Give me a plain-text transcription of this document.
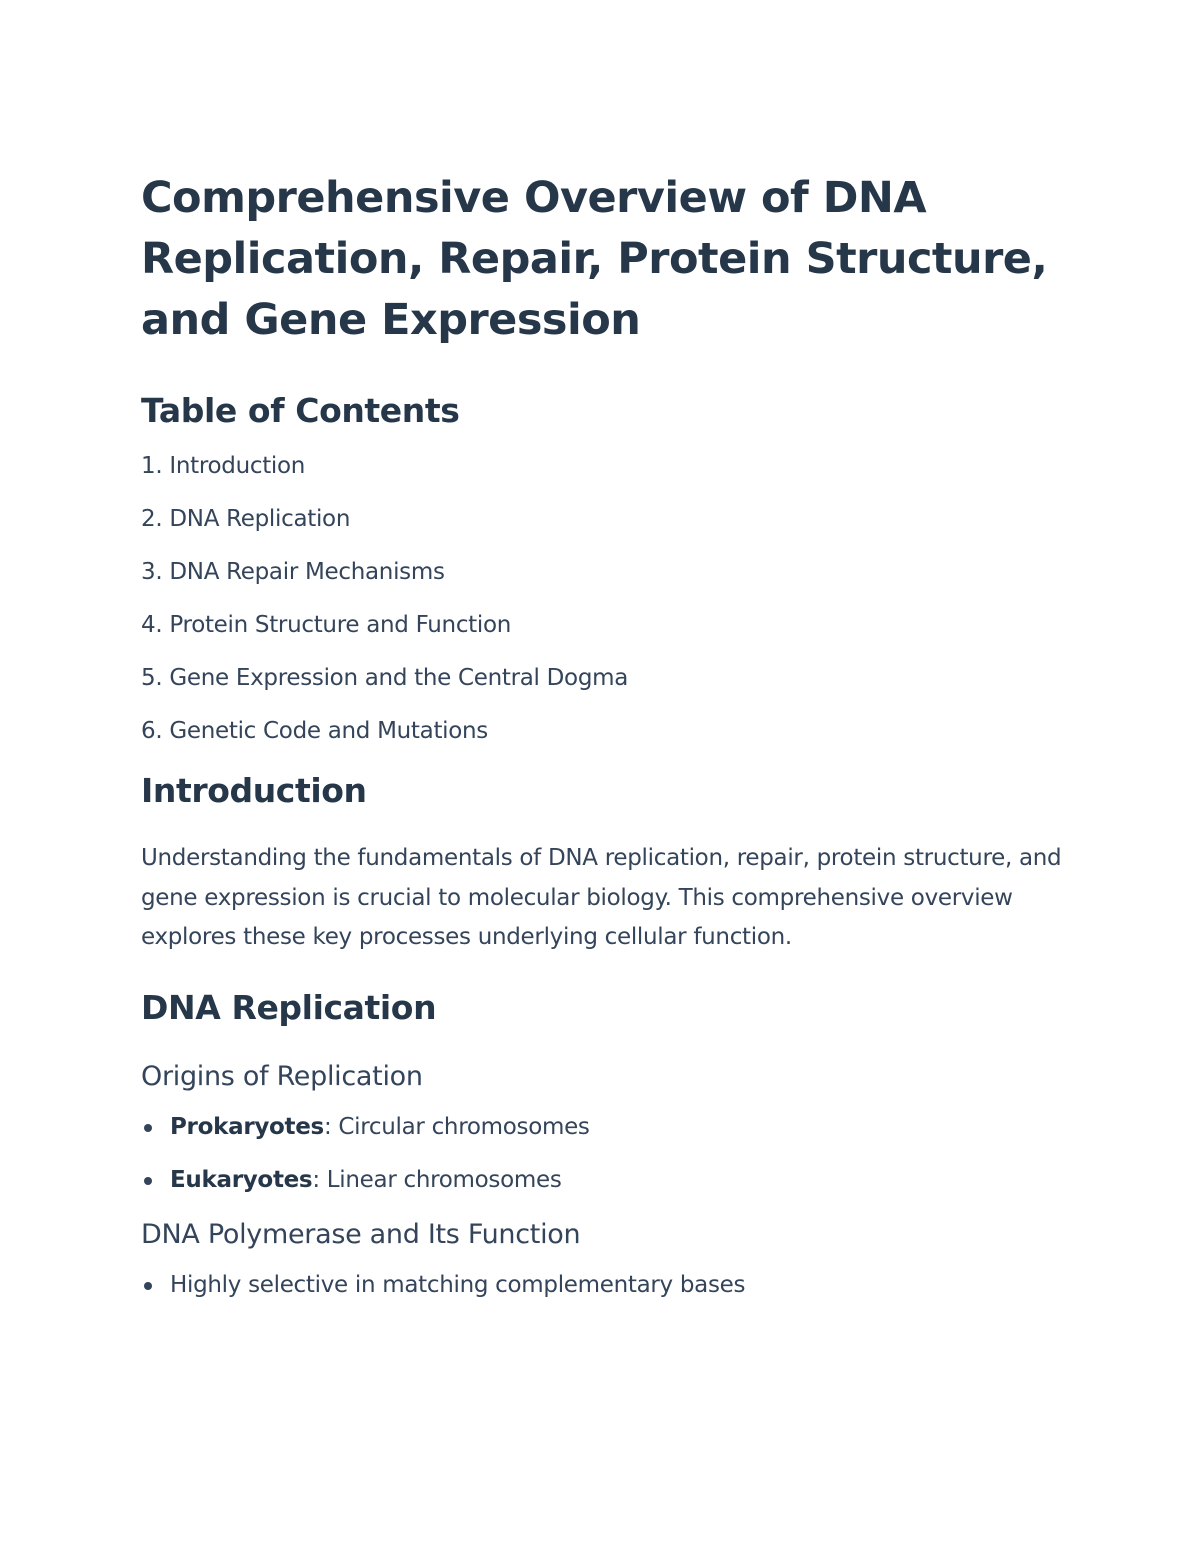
Comprehensive Overview of DNA Replication, Repair, Protein Structure, and Gene Expression
Table of Contents
1. Introduction
2. DNA Replication
3. DNA Repair Mechanisms
4. Protein Structure and Function
5. Gene Expression and the Central Dogma
6. Genetic Code and Mutations
Introduction

Understanding the fundamentals of DNA replication, repair, protein structure, and gene expression is crucial to molecular biology. This comprehensive overview explores these key processes underlying cellular function.

DNA Replication
Origins of Replication
Prokaryotes: Circular chromosomes
Eukaryotes: Linear chromosomes
DNA Polymerase and Its Function
Highly selective in matching complementary bases
